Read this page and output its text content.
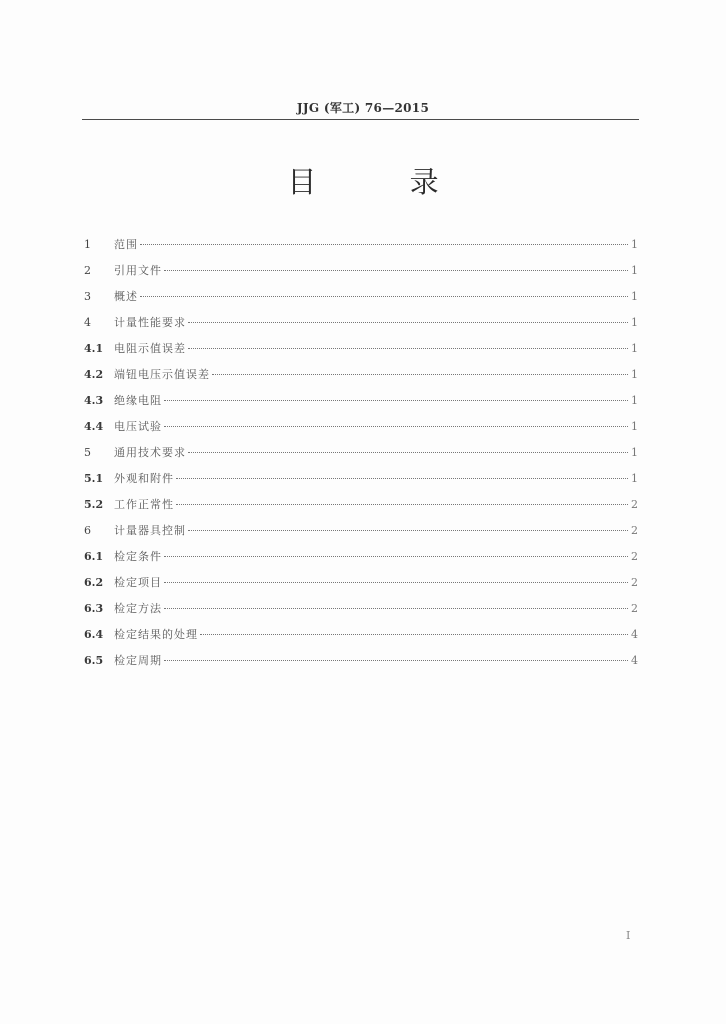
JJG (军工) 76—2015
目 录
1	范围	1
2	引用文件	1
3	概述	1
4	计量性能要求	1
4.1 电阻示值误差	1
4.2 端钮电压示值误差	1
4.3 绝缘电阻	1
4.4 电压试验	1
5	通用技术要求	1
5.1 外观和附件	1
5.2 工作正常性	2
6	计量器具控制	2
6.1 检定条件	2
6.2 检定项目	2
6.3 检定方法	2
6.4 检定结果的处理	4
6.5 检定周期	4
I
